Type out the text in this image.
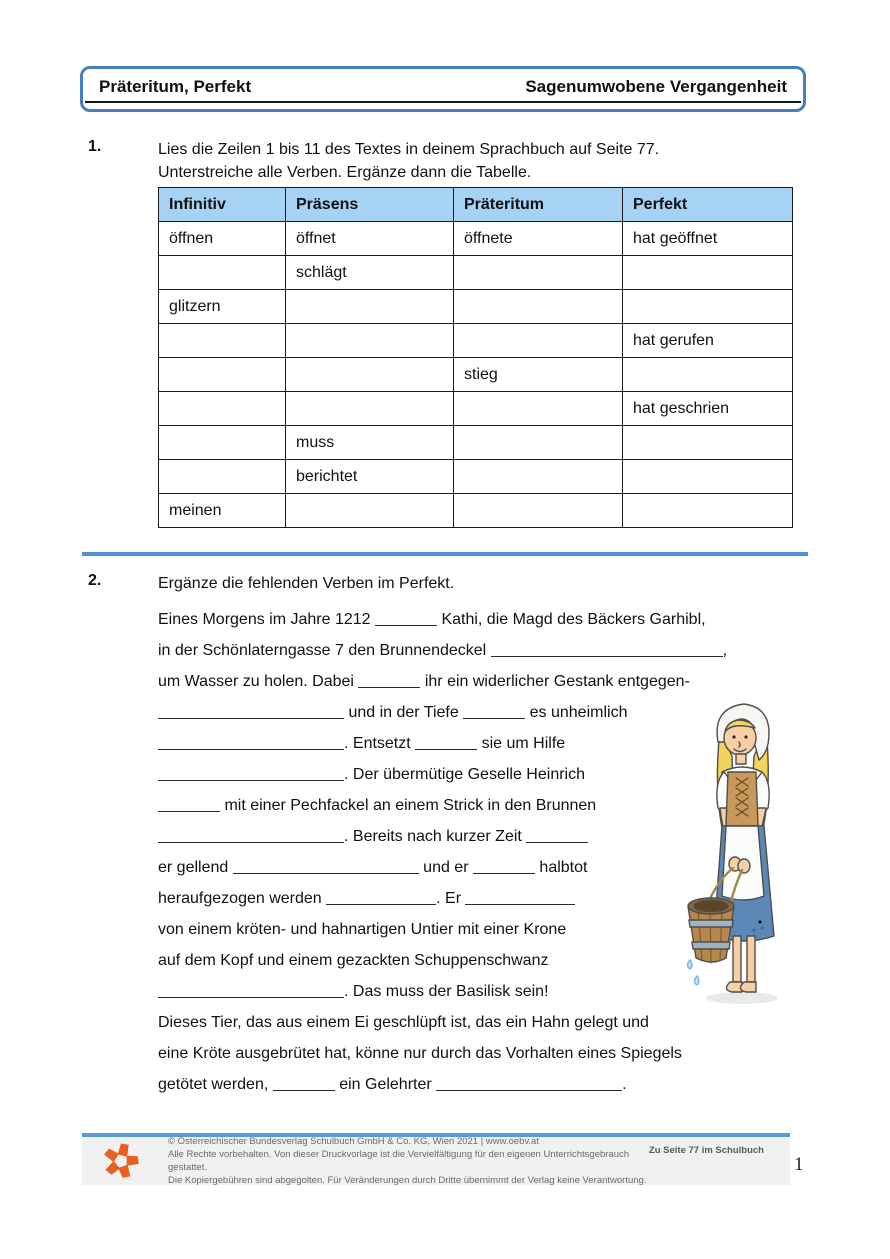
Präteritum, Perfekt	Sagenumwobene Vergangenheit
1.	Lies die Zeilen 1 bis 11 des Textes in deinem Sprachbuch auf Seite 77.
Unterstreiche alle Verben. Ergänze dann die Tabelle.
Infinitiv	Präsens	Präteritum	Perfekt
öffnen	öffnet	öffnete	hat geöffnet
	schlägt		
glitzern			
			hat gerufen
		stieg	
			hat geschrien
	muss		
	berichtet		
meinen			
2.	Ergänze die fehlenden Verben im Perfekt.
Eines Morgens im Jahre 1212	Kathi, die Magd des Bäckers Garhibl,
in der Schönlaterngasse 7 den Brunnendeckel	,
um Wasser zu holen. Dabei	ihr ein widerlicher Gestank entgegen-
und in der Tiefe	es unheimlich
. Entsetzt	sie um Hilfe
. Der übermütige Geselle Heinrich
mit einer Pechfackel an einem Strick in den Brunnen
. Bereits nach kurzer Zeit
er gellend	und er	halbtot
heraufgezogen werden	. Er
von einem kröten- und hahnartigen Untier mit einer Krone
auf dem Kopf und einem gezackten Schuppenschwanz
. Das muss der Basilisk sein!
Dieses Tier, das aus einem Ei geschlüpft ist, das ein Hahn gelegt und
eine Kröte ausgebrütet hat, könne nur durch das Vorhalten eines Spiegels
getötet werden,	ein Gelehrter	.
© Österreichischer Bundesverlag Schulbuch GmbH & Co. KG, Wien 2021 | www.oebv.at
Alle Rechte vorbehalten. Von dieser Druckvorlage ist die Vervielfältigung für den eigenen Unterrichtsgebrauch gestattet.
Die Kopiergebühren sind abgegolten. Für Veränderungen durch Dritte übernimmt der Verlag keine Verantwortung.
Zu Seite 77 im Schulbuch
1
